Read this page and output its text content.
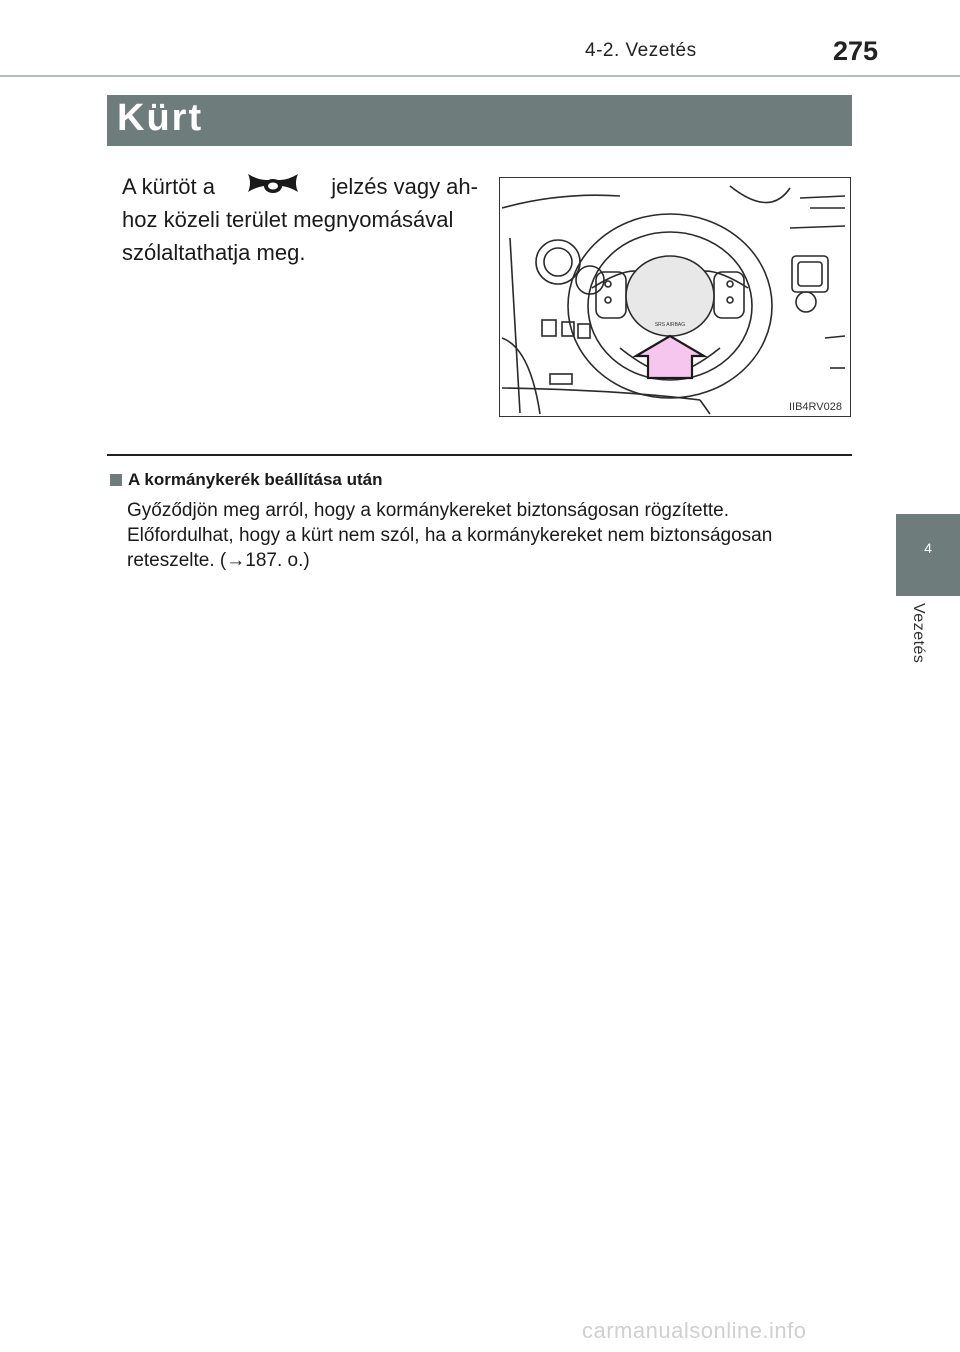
4-2. Vezetés	275
Kürt
A kürtöt a	jelzés vagy ah-
hoz közeli terület megnyomásával
szólaltathatja meg.
SRS AIRBAG
IIB4RV028
A kormánykerék beállítása után
Győződjön meg arról, hogy a kormánykereket biztonságosan rögzítette.
Előfordulhat, hogy a kürt nem szól, ha a kormánykereket nem biztonságosan
reteszelte. (→187. o.)
4
Vezetés
carmanualsonline.info
